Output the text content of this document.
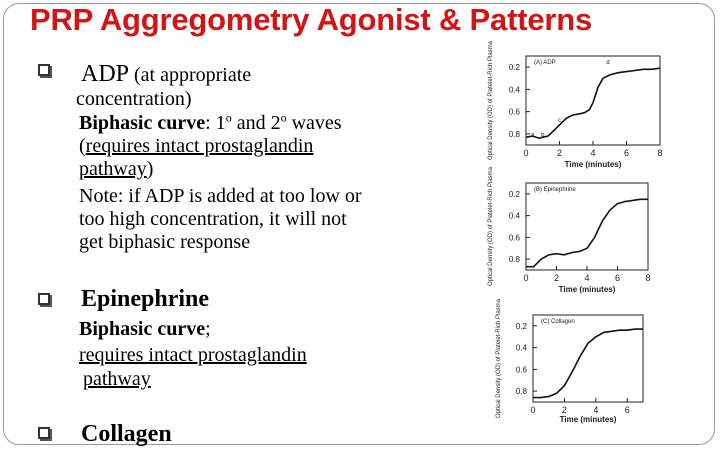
PRP Aggregometry Agonist & Patterns
ADP (at appropriate
concentration)
Biphasic curve: 1$^o$ and 2$^o$ waves
(requires intact prostaglandin
pathway)
Note: if ADP is added at too low or
too high concentration, it will not
get biphasic response
Epinephrine
Biphasic curve;
requires intact prostaglandin
pathway
Collagen
(A) ADP
0.2
0.4
0.6
0.8
0	2	4	6	8
Time (minutes)
Optical Density (OD) of Platelet-Rich Plasma	a b
c
d
(B) Epinephrine
0.2
0.4
0.6
0.8
0	2	4	6	8
Time (minutes)
Optical Density (OD) of Platelet-Rich Plasma
(C) Collagen
0.2
0.4
0.6
0.8
0	2	4	6
Time (minutes)
Optical Density (OD) of Platelet-Rich Plasma
